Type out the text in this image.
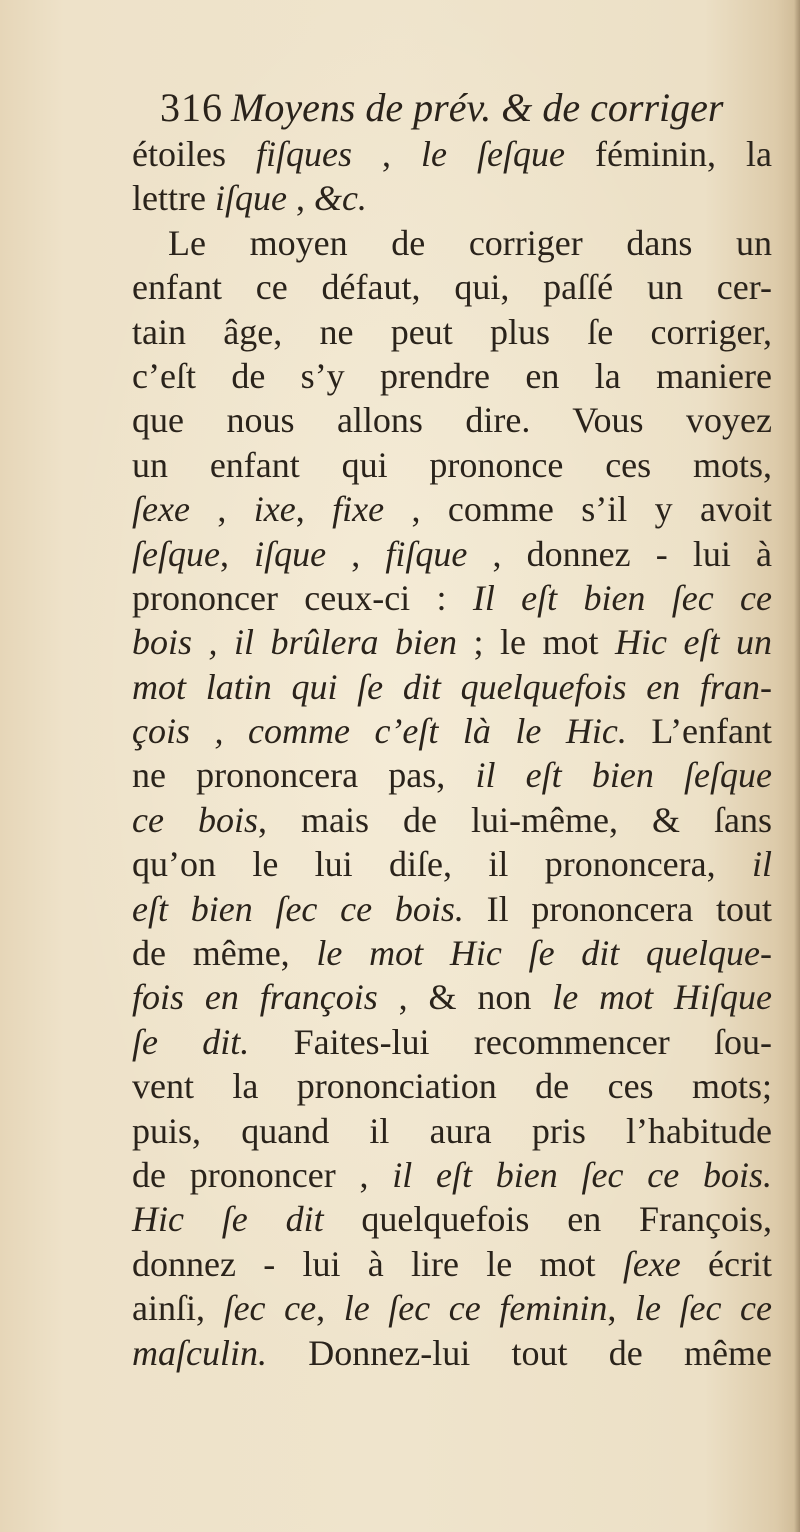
316 Moyens de prév. & de corriger
étoiles fiſques , le ſeſque féminin, la
lettre iſque , &c.
Le moyen de corriger dans un
enfant ce défaut, qui, paſſé un cer-
tain âge, ne peut plus ſe corriger,
c’eſt de s’y prendre en la maniere
que nous allons dire. Vous voyez
un enfant qui prononce ces mots,
ſexe , ixe, fixe , comme s’il y avoit
ſeſque, iſque , fiſque , donnez - lui à
prononcer ceux-ci : Il eſt bien ſec ce
bois , il brûlera bien ; le mot Hic eſt un
mot latin qui ſe dit quelquefois en fran-
çois , comme c’eſt là le Hic. L’enfant
ne prononcera pas, il eſt bien ſeſque
ce bois, mais de lui-même, & ſans
qu’on le lui diſe, il prononcera, il
eſt bien ſec ce bois. Il prononcera tout
de même, le mot Hic ſe dit quelque-
fois en françois , & non le mot Hiſque
ſe dit. Faites-lui recommencer ſou-
vent la prononciation de ces mots;
puis, quand il aura pris l’habitude
de prononcer , il eſt bien ſec ce bois.
Hic ſe dit quelquefois en François,
donnez - lui à lire le mot ſexe écrit
ainſi, ſec ce, le ſec ce feminin, le ſec ce
maſculin. Donnez-lui tout de même
